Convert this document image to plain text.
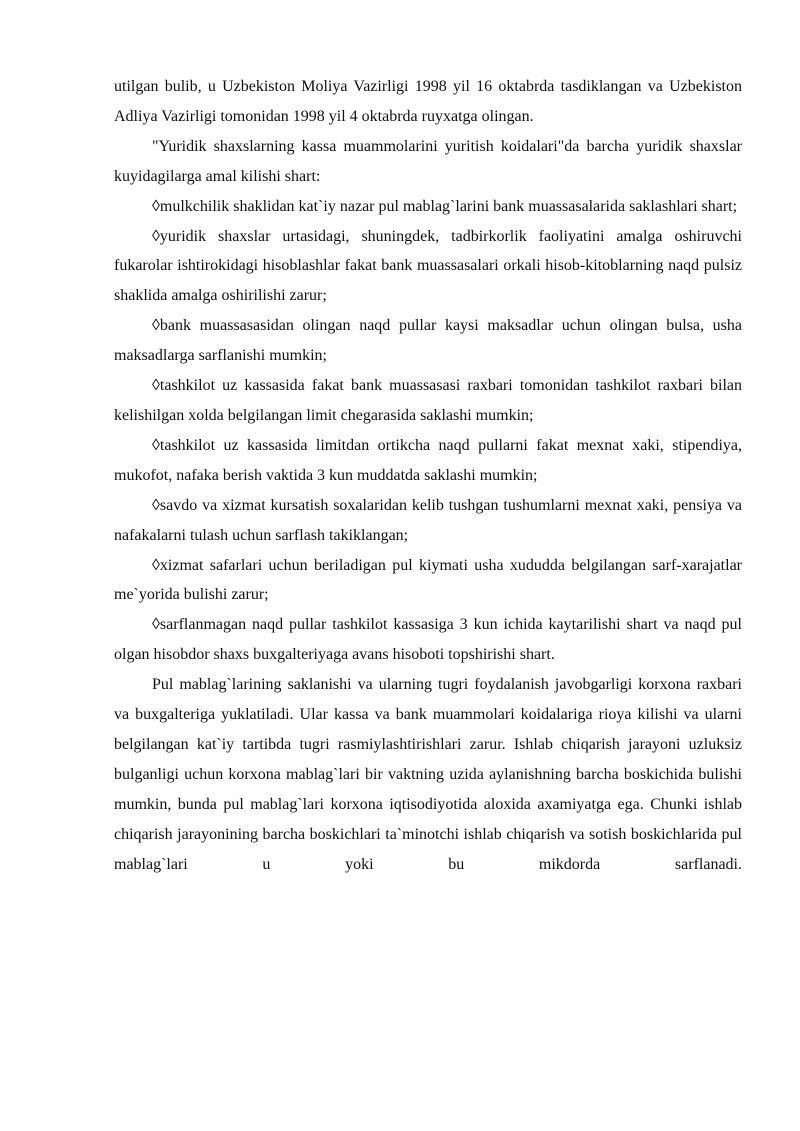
utilgan bulib, u Uzbekiston Moliya Vazirligi 1998 yil 16 oktabrda tasdiklangan va Uzbekiston Adliya Vazirligi tomonidan 1998 yil 4 oktabrda ruyxatga olingan.

"Yuridik shaxslarning kassa muammolarini yuritish koidalari"da barcha yuridik shaxslar kuyidagilarga amal kilishi shart:

◊mulkchilik shaklidan kat`iy nazar pul mablag`larini bank muassasalarida saklashlari shart;

◊yuridik shaxslar urtasidagi, shuningdek, tadbirkorlik faoliyatini amalga oshiruvchi fukarolar ishtirokidagi hisoblashlar fakat bank muassasalari orkali hisob-kitoblarning naqd pulsiz shaklida amalga oshirilishi zarur;

◊bank muassasasidan olingan naqd pullar kaysi maksadlar uchun olingan bulsa, usha maksadlarga sarflanishi mumkin;

◊tashkilot uz kassasida fakat bank muassasasi raxbari tomonidan tashkilot raxbari bilan kelishilgan xolda belgilangan limit chegarasida saklashi mumkin;

◊tashkilot uz kassasida limitdan ortikcha naqd pullarni fakat mexnat xaki, stipendiya, mukofot, nafaka berish vaktida 3 kun muddatda saklashi mumkin;

◊savdo va xizmat kursatish soxalaridan kelib tushgan tushumlarni mexnat xaki, pensiya va nafakalarni tulash uchun sarflash takiklangan;

◊xizmat safarlari uchun beriladigan pul kiymati usha xududda belgilangan sarf-xarajatlar me`yorida bulishi zarur;

◊sarflanmagan naqd pullar tashkilot kassasiga 3 kun ichida kaytarilishi shart va naqd pul olgan hisobdor shaxs buxgalteriyaga avans hisoboti topshirishi shart.

Pul mablag`larining saklanishi va ularning tugri foydalanish javobgarligi korxona raxbari va buxgalteriga yuklatiladi. Ular kassa va bank muammolari koidalariga rioya kilishi va ularni belgilangan kat`iy tartibda tugri rasmiylashtirishlari zarur. Ishlab chiqarish jarayoni uzluksiz bulganligi uchun korxona mablag`lari bir vaktning uzida aylanishning barcha boskichida bulishi mumkin, bunda pul mablag`lari korxona iqtisodiyotida aloxida axamiyatga ega. Chunki ishlab chiqarish jarayonining barcha boskichlari ta`minotchi ishlab chiqarish va sotish boskichlarida pul mablag`lari u yoki bu mikdorda sarflanadi.
